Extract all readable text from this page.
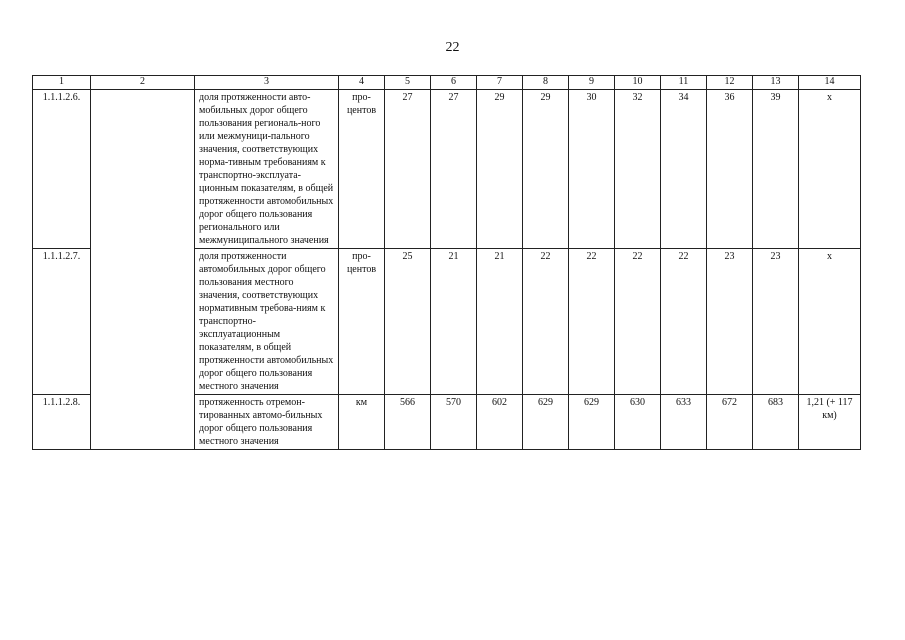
22
1	2	3	4	5	6	7	8	9	10	11	12	13	14
1.1.1.2.6.		доля протяженности авто-мобильных дорог общего пользования региональ-ного или межмуници-пального значения, соответствующих норма-тивным требованиям к транспортно-эксплуата-ционным показателям, в общей протяженности автомобильных дорог общего пользования регионального или межмуниципального значения	про-центов	27	27	29	29	30	32	34	36	39	х
1.1.1.2.7.		доля протяженности автомобильных дорог общего пользования местного значения, соответствующих нормативным требова-ниям к транспортно-эксплуатационным показателям, в общей протяженности автомобильных дорог общего пользования местного значения	про-центов	25	21	21	22	22	22	22	23	23	х
1.1.1.2.8.		протяженность отремон-тированных автомо-бильных дорог общего пользования местного значения	км	566	570	602	629	629	630	633	672	683	1,21 (+ 117 км)
